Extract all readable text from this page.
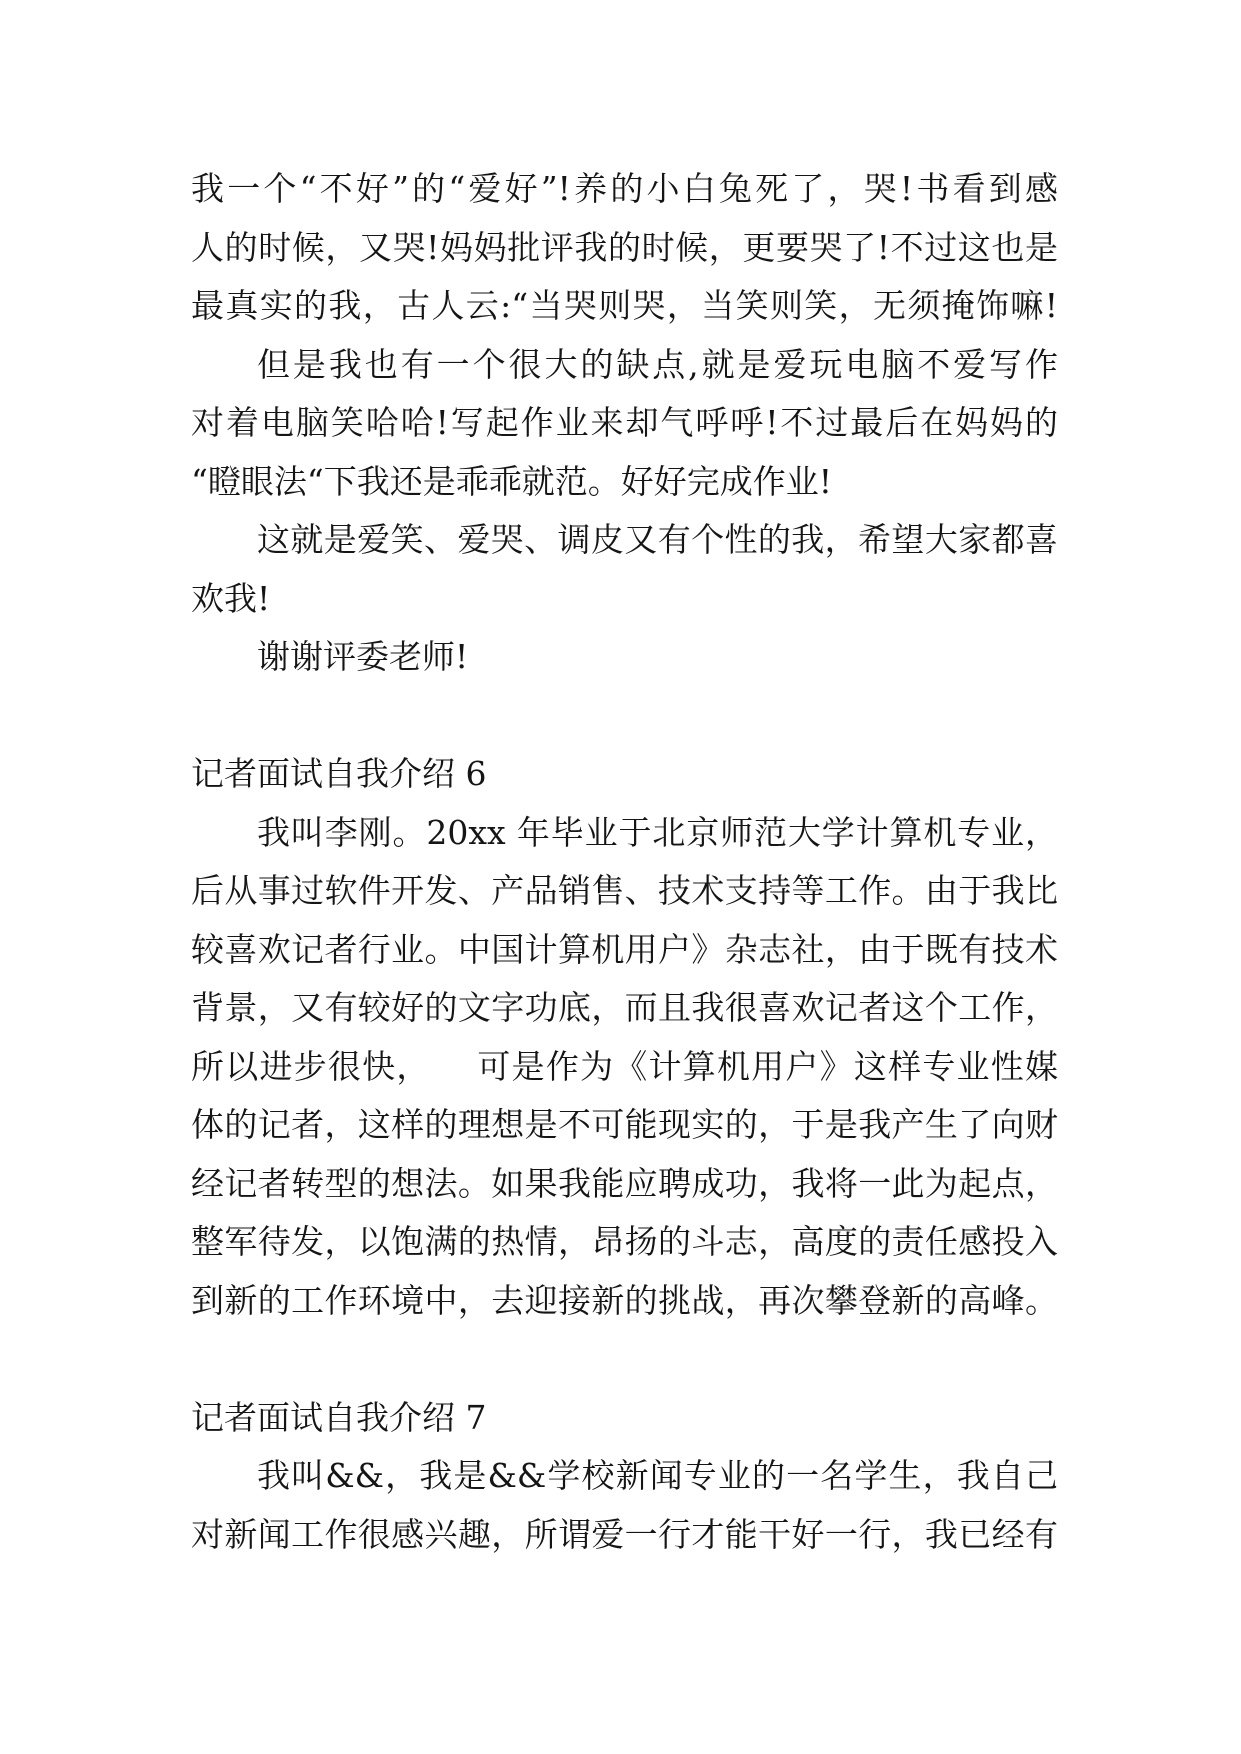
我一个“不好”的“爱好”!养的小白兔死了，哭!书看到感
人的时候，又哭!妈妈批评我的时候，更要哭了!不过这也是
最真实的我，古人云:“当哭则哭，当笑则笑，无须掩饰嘛!
但是我也有一个很大的缺点,就是爱玩电脑不爱写作
对着电脑笑哈哈!写起作业来却气呼呼!不过最后在妈妈的
“瞪眼法“下我还是乖乖就范。好好完成作业!
这就是爱笑、爱哭、调皮又有个性的我，希望大家都喜
欢我!
谢谢评委老师!
记者面试自我介绍 6
我叫李刚。20xx 年毕业于北京师范大学计算机专业，
后从事过软件开发、产品销售、技术支持等工作。由于我比
较喜欢记者行业。中国计算机用户》杂志社，由于既有技术
背景，又有较好的文字功底，而且我很喜欢记者这个工作，
所以进步很快，    可是作为《计算机用户》这样专业性媒
体的记者，这样的理想是不可能现实的，于是我产生了向财
经记者转型的想法。如果我能应聘成功，我将一此为起点，
整军待发，以饱满的热情，昂扬的斗志，高度的责任感投入
到新的工作环境中，去迎接新的挑战，再次攀登新的高峰。
记者面试自我介绍 7
我叫&&，我是&&学校新闻专业的一名学生，我自己
对新闻工作很感兴趣，所谓爱一行才能干好一行，我已经有
